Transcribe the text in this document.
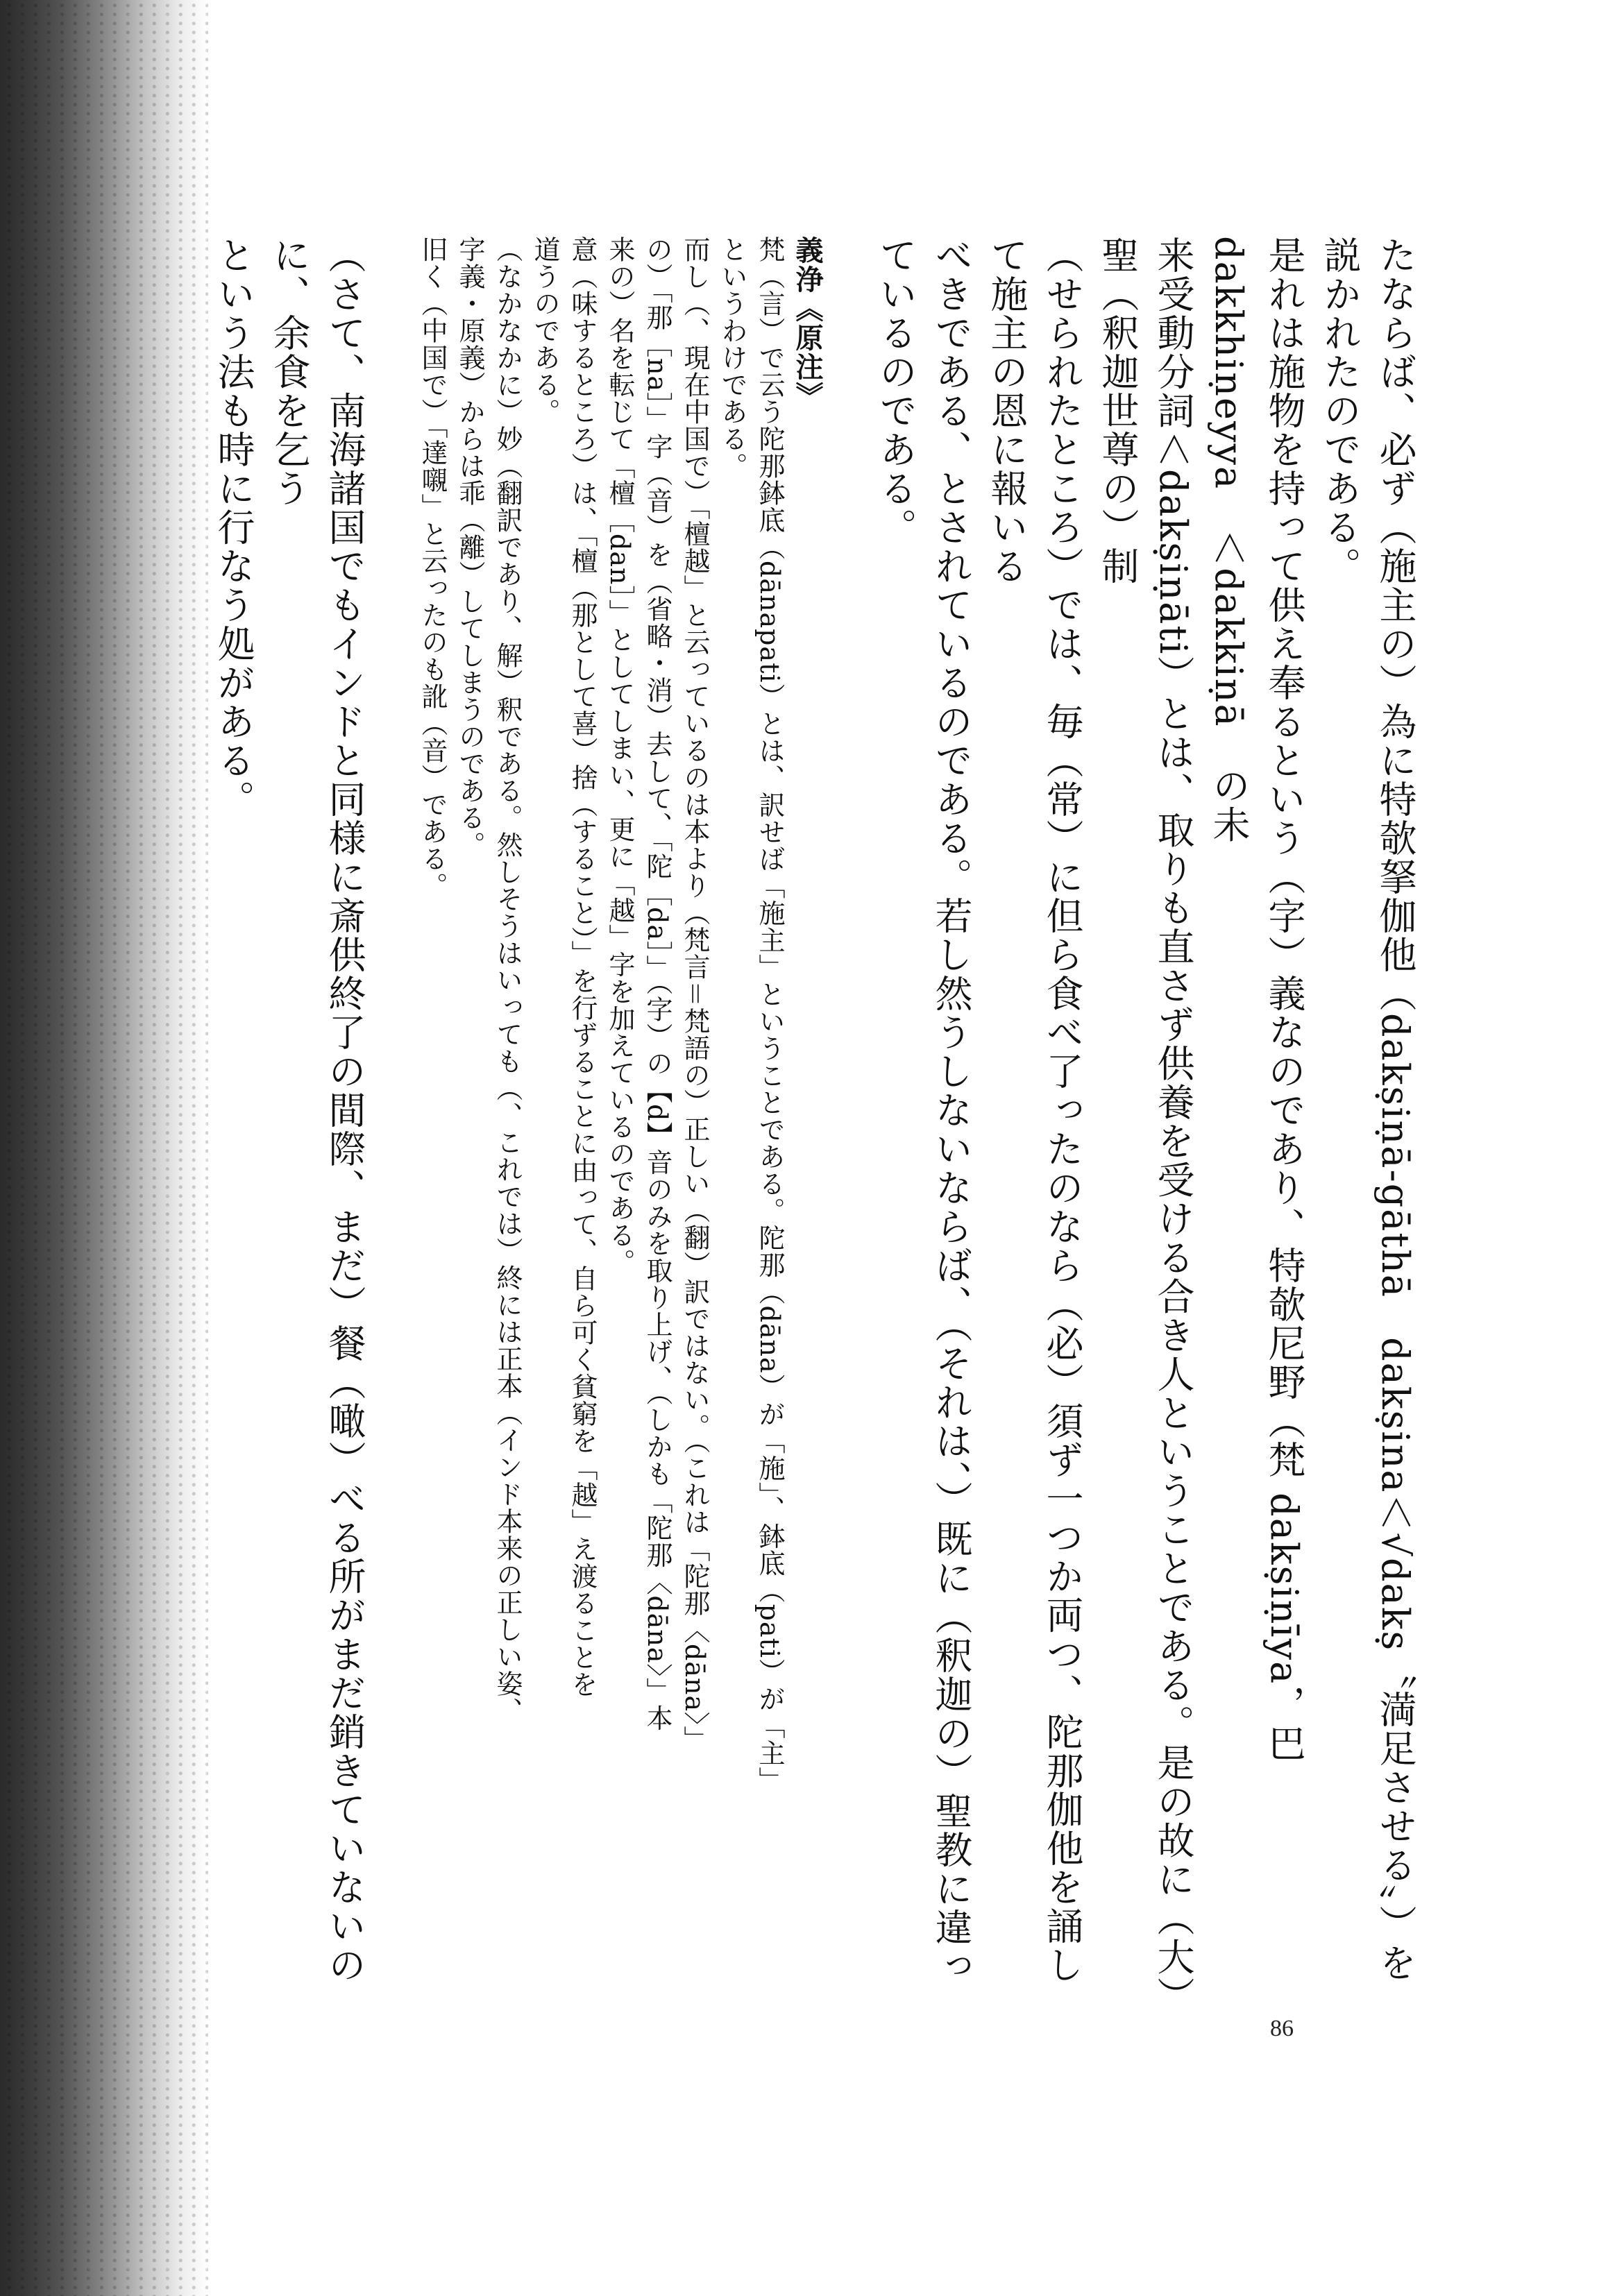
たならば、必ず（施主の）為に特欹拏伽他（dakṣiṇā-gāthā　dakṣina＜√dakṣ〝満足させる〟）を説かれたのである。

是れは施物を持って供え奉るという（字）義なのであり、特欹尼野（梵 dakṣiṇīya，巴 dakkhiṇeyya　＜dakkiṇā　の未

来受動分詞＜dakṣiṇāti）とは、取りも直さず供養を受ける合き人ということである。是の故に（大）聖（釈迦世尊の）制

（せられたところ）では、毎（常）に但ら食べ了ったのなら（必）須ず一つか両つ、陀那伽他を誦して施主の恩に報いる

べきである、とされているのである。若し然うしないならば、（それは、）既に（釈迦の）聖教に違っているのである。

義浄《原注》

梵（言）で云う陀那鉢底（dānapati）とは、訳せば「施主」ということである。陀那（dāna）が「施」、鉢底（pati）が「主」

というわけである。

而し（、現在中国で）「檀越」と云っているのは本より（梵言＝梵語の）正しい（翻）訳ではない。（これは「陀那〈dāna〉」

の）「那［na］」字（音）を（省略・消）去して、「陀［da］」（字）の【d】音のみを取り上げ、（しかも「陀那〈dāna〉」本

来の）名を転じて「檀［dan］」としてしまい、更に「越」字を加えているのである。

意（味するところ）は、「檀（那として喜）捨（すること）」を行ずることに由って、自ら可く貧窮を「越」え渡ることを

道うのである。

（なかなかに）妙（翻訳であり、解）釈である。然しそうはいっても（、これでは）終には正本（インド本来の正しい姿、

字義・原義）からは乖（離）してしまうのである。

旧く（中国で）「達嚫」と云ったのも訛（音）である。

（さて、南海諸国でもインドと同様に斎供終了の間際、まだ）餐（噉）べる所がまだ銷きていないのに、余食を乞う

という法も時に行なう処がある。

86
